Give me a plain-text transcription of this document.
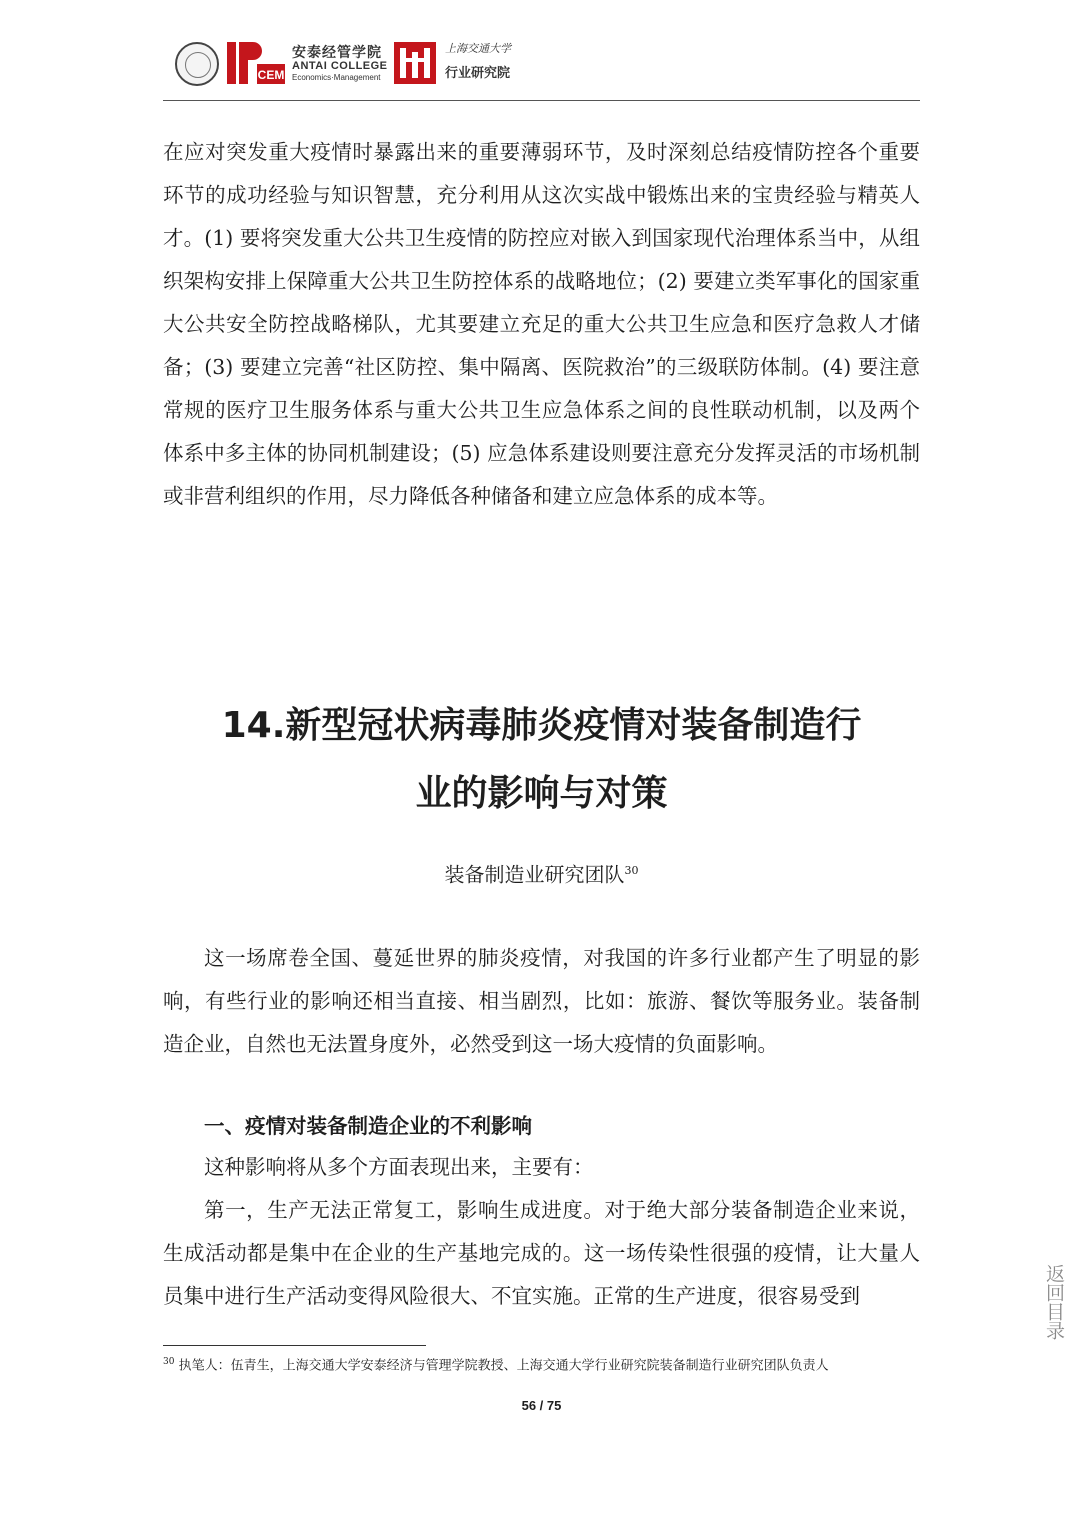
CEM
安泰经管学院
ANTAI COLLEGE
Economics·Management
上海交通大学
行业研究院

在应对突发重大疫情时暴露出来的重要薄弱环节，及时深刻总结疫情防控各个重要环节的成功经验与知识智慧，充分利用从这次实战中锻炼出来的宝贵经验与精英人才。(1) 要将突发重大公共卫生疫情的防控应对嵌入到国家现代治理体系当中，从组织架构安排上保障重大公共卫生防控体系的战略地位；(2) 要建立类军事化的国家重大公共安全防控战略梯队，尤其要建立充足的重大公共卫生应急和医疗急救人才储备；(3) 要建立完善“社区防控、集中隔离、医院救治”的三级联防体制。(4) 要注意常规的医疗卫生服务体系与重大公共卫生应急体系之间的良性联动机制，以及两个体系中多主体的协同机制建设；(5) 应急体系建设则要注意充分发挥灵活的市场机制或非营利组织的作用，尽力降低各种储备和建立应急体系的成本等。

14.新型冠状病毒肺炎疫情对装备制造行
业的影响与对策
装备制造业研究团队$^{30}$

这一场席卷全国、蔓延世界的肺炎疫情，对我国的许多行业都产生了明显的影响，有些行业的影响还相当直接、相当剧烈，比如：旅游、餐饮等服务业。装备制造企业，自然也无法置身度外，必然受到这一场大疫情的负面影响。

一、疫情对装备制造企业的不利影响

这种影响将从多个方面表现出来，主要有：

第一，生产无法正常复工，影响生成进度。对于绝大部分装备制造企业来说，生成活动都是集中在企业的生产基地完成的。这一场传染性很强的疫情，让大量人员集中进行生产活动变得风险很大、不宜实施。正常的生产进度，很容易受到

$^{30}$ 执笔人：伍青生，上海交通大学安泰经济与管理学院教授、上海交通大学行业研究院装备制造行业研究团队负责人
56 / 75
返回目录
